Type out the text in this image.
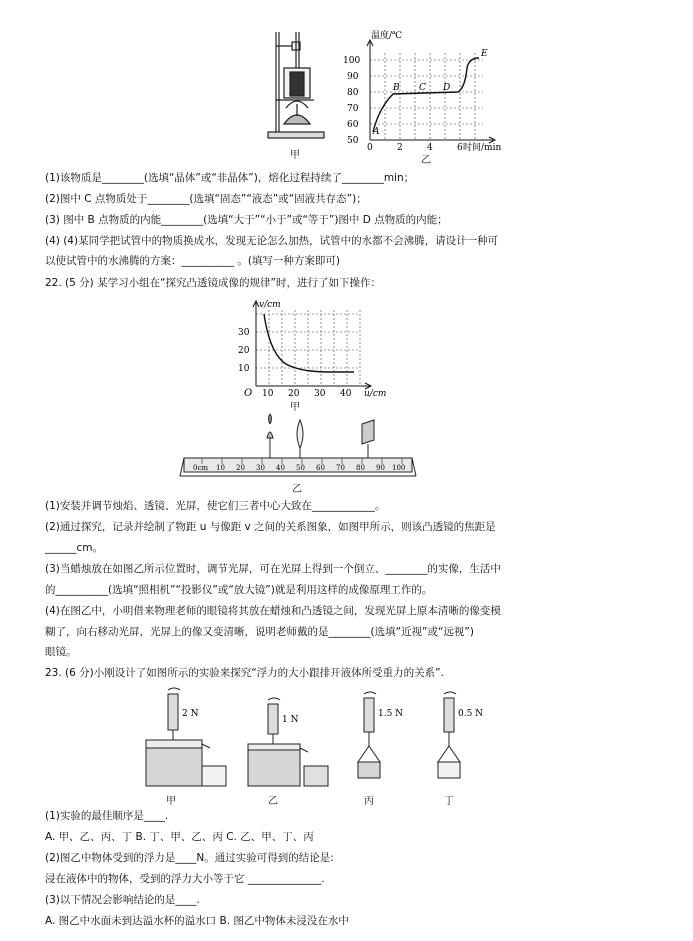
甲
温度/℃
50
60
70
80
90
100
0	2	4	6 时间/min
A
B C D
E
乙
(1)该物质是________(选填“晶体”或“非晶体”)，熔化过程持续了________min；
(2)图中 C 点物质处于________(选填“固态”“液态”或“固液共存态”)；
(3) 图中 B 点物质的内能________(选填“大于”“小于”或“等于”)图中 D 点物质的内能；
(4) (4)某同学把试管中的物质换成水，发现无论怎么加热，试管中的水都不会沸腾，请设计一种可
以使试管中的水沸腾的方案：__________ 。(填写一种方案即可)
22. (5 分) 某学习小组在“探究凸透镜成像的规律”时，进行了如下操作：
v/cm
10
20
30
O 10 20 30 40 u/cm
甲
0cm 10 20 30 40 50 60 70 80 90 100
乙
(1)安装并调节烛焰、透镜、光屏，使它们三者中心大致在____________。
(2)通过探究，记录并绘制了物距 u 与像距 v 之间的关系图象，如图甲所示，则该凸透镜的焦距是
______cm。
(3)当蜡烛放在如图乙所示位置时，调节光屏，可在光屏上得到一个倒立、________的实像，生活中
的__________(选填“照相机”“投影仪”或“放大镜”)就是利用这样的成像原理工作的。
(4)在图乙中，小明借来物理老师的眼镜将其放在蜡烛和凸透镜之间，发现光屏上原本清晰的像变模
糊了，向右移动光屏，光屏上的像又变清晰，说明老师戴的是________(选填“近视”或“远视”)
眼镜。
23. (6 分)小刚设计了如图所示的实验来探究“浮力的大小跟排开液体所受重力的关系”.
2 N
1 N
1.5 N	0.5 N
甲	乙	丙	丁
(1)实验的最佳顺序是____.
A. 甲、乙、丙、丁 B. 丁、甲、乙、丙 C. 乙、甲、丁、丙
(2)图乙中物体受到的浮力是____N。通过实验可得到的结论是:
浸在液体中的物体，受到的浮力大小等于它 ______________.
(3)以下情况会影响结论的是____.
A. 图乙中水面未到达溢水杯的溢水口 B. 图乙中物体未浸没在水中
